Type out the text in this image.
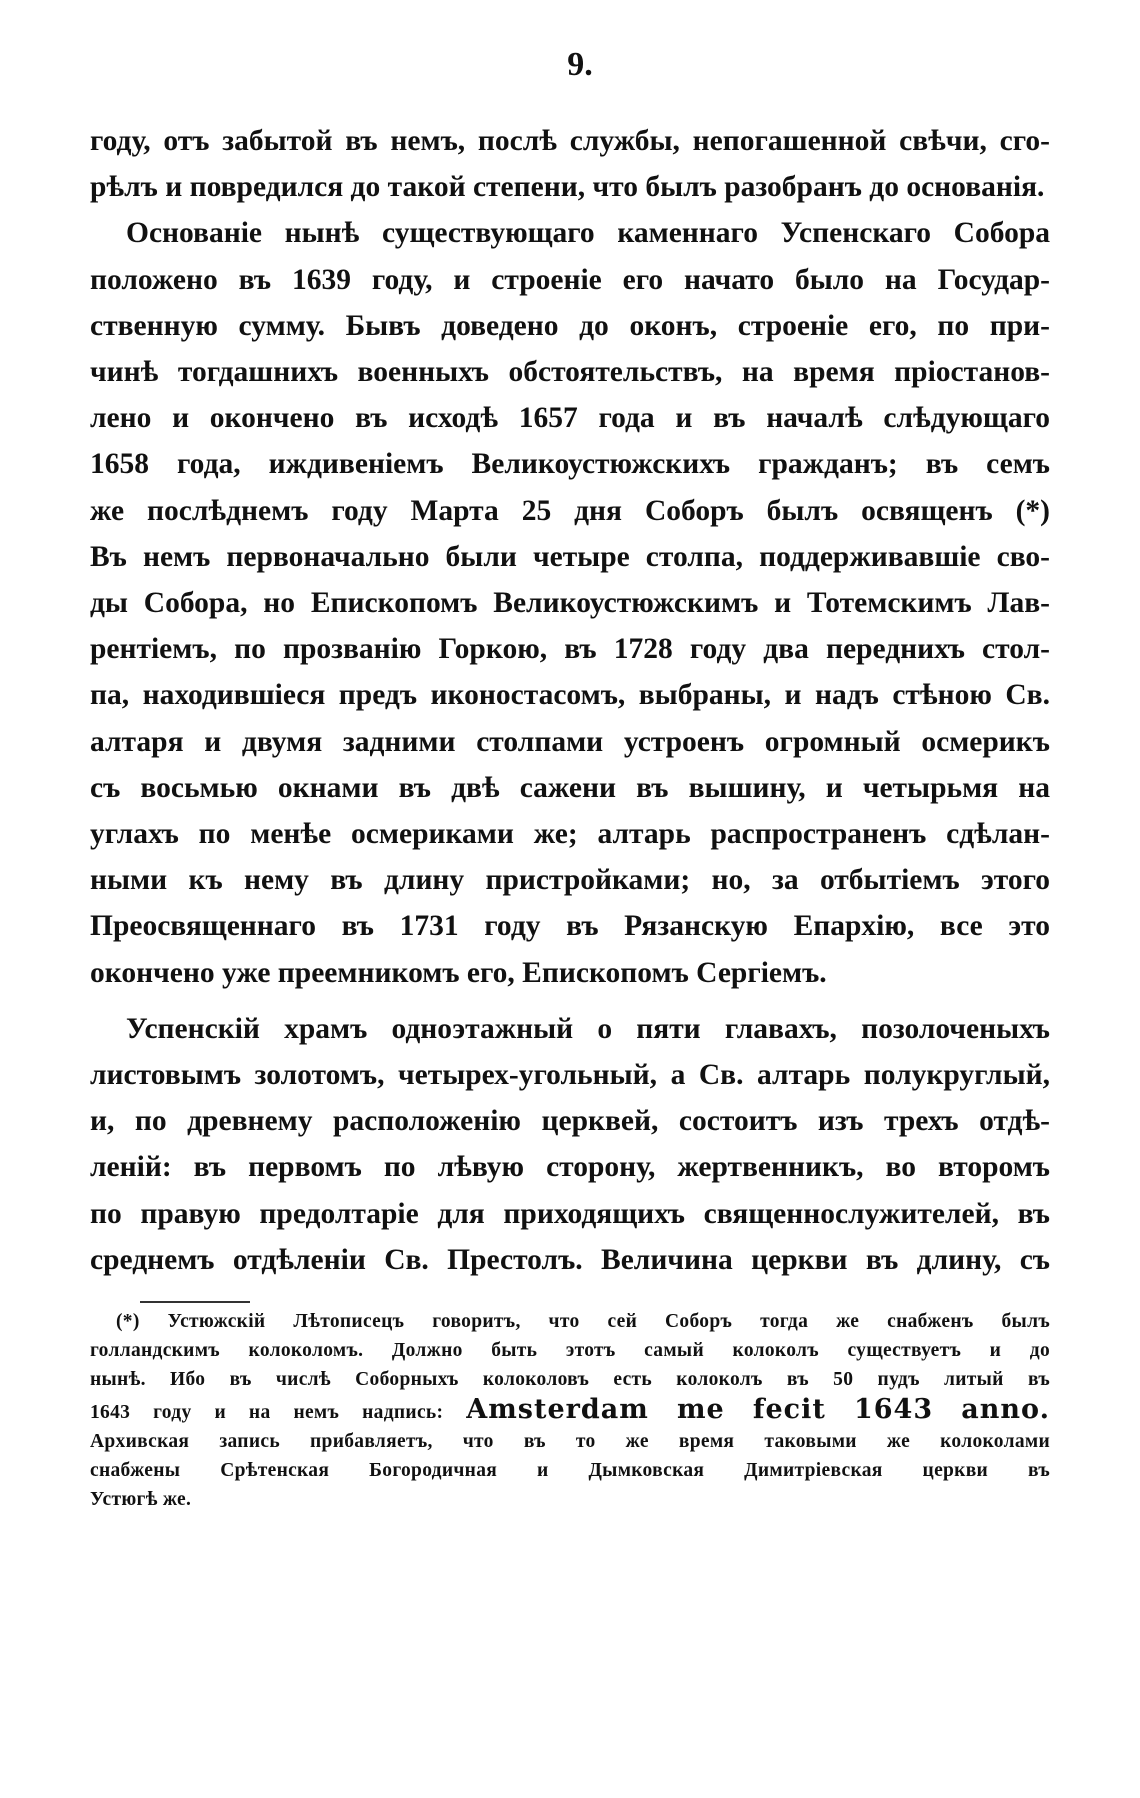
9.
году, отъ забытой въ немъ, послѣ службы, непогашенной свѣчи, сго-
рѣлъ и повредился до такой степени, что былъ разобранъ до основанія.
Основаніе нынѣ существующаго каменнаго Успенскаго Собора
положено въ 1639 году, и строеніе его начато было на Государ-
ственную сумму. Бывъ доведено до оконъ, строеніе его, по при-
чинѣ тогдашнихъ военныхъ обстоятельствъ, на время пріостанов-
лено и окончено въ исходѣ 1657 года и въ началѣ слѣдующаго
1658 года, иждивеніемъ Великоустюжскихъ гражданъ; въ семъ
же послѣднемъ году Марта 25 дня Соборъ былъ освященъ (*)
Въ немъ первоначально были четыре столпа, поддерживавшіе сво-
ды Собора, но Епископомъ Великоустюжскимъ и Тотемскимъ Лав-
рентіемъ, по прозванію Горкою, въ 1728 году два переднихъ стол-
па, находившіеся предъ иконостасомъ, выбраны, и надъ стѣною Св.
алтаря и двумя задними столпами устроенъ огромный осмерикъ
съ восьмью окнами въ двѣ сажени въ вышину, и четырьмя на
углахъ по менѣе осмериками же; алтарь распространенъ сдѣлан-
ными къ нему въ длину пристройками; но, за отбытіемъ этого
Преосвященнаго въ 1731 году въ Рязанскую Епархію, все это
окончено уже преемникомъ его, Епископомъ Сергіемъ.
Успенскій храмъ одноэтажный о пяти главахъ, позолоченыхъ
листовымъ золотомъ, четырех-угольный, а Св. алтарь полукруглый,
и, по древнему расположенію церквей, состоитъ изъ трехъ отдѣ-
леній: въ первомъ по лѣвую сторону, жертвенникъ, во второмъ
по правую предолтаріе для приходящихъ священнослужителей, въ
среднемъ отдѣленіи Св. Престолъ. Величина церкви въ длину, съ
(*) Устюжскій Лѣтописецъ говоритъ, что сей Соборъ тогда же снабженъ былъ
голландскимъ колоколомъ. Должно быть этотъ самый колоколъ существуетъ и до
нынѣ. Ибо въ числѣ Соборныхъ колоколовъ есть колоколъ въ 50 пудъ литый въ
1643 году и на немъ надпись: Amsterdam me fecit 1643 anno.
Архивская запись прибавляетъ, что въ то же время таковыми же колоколами
снабжены Срѣтенская Богородичная и Дымковская Димитріевская церкви въ
Устюгѣ же.
